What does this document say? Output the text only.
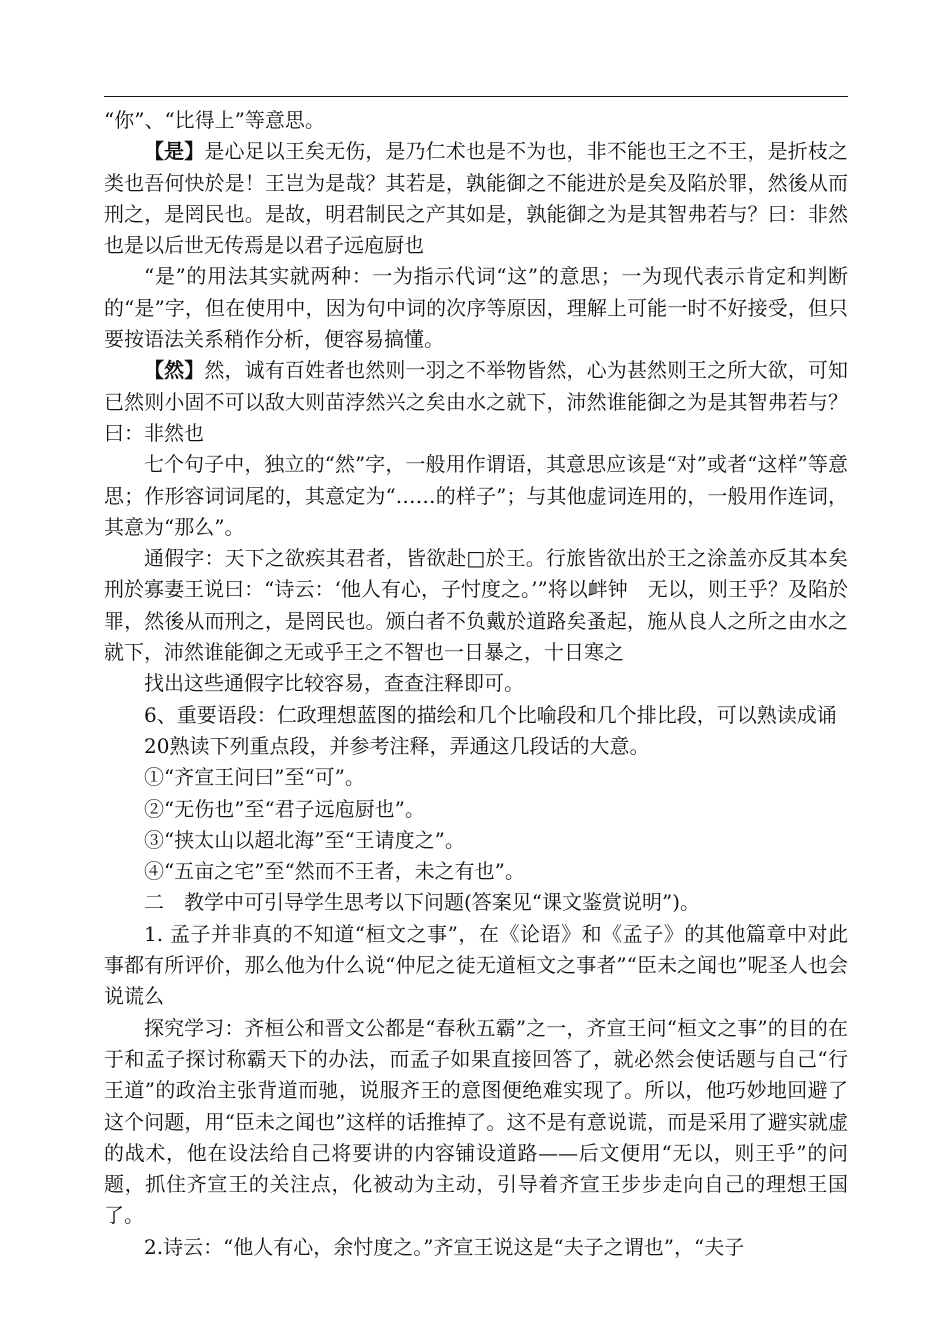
“你”、“比得上”等意思。

【是】是心足以王矣无伤，是乃仁术也是不为也，非不能也王之不王，是折枝之类也吾何快於是！王岂为是哉？其若是，孰能御之不能进於是矣及陷於罪，然後从而刑之，是罔民也。是故，明君制民之产其如是，孰能御之为是其智弗若与？曰：非然也是以后世无传焉是以君子远庖厨也

“是”的用法其实就两种：一为指示代词“这”的意思；一为现代表示肯定和判断的“是”字，但在使用中，因为句中词的次序等原因，理解上可能一时不好接受，但只要按语法关系稍作分析，便容易搞懂。

【然】然，诚有百姓者也然则一羽之不举物皆然，心为甚然则王之所大欲，可知已然则小固不可以敌大则苗浡然兴之矣由水之就下，沛然谁能御之为是其智弗若与？曰：非然也

七个句子中，独立的“然”字，一般用作谓语，其意思应该是“对”或者“这样”等意思；作形容词词尾的，其意定为“……的样子”；与其他虚词连用的，一般用作连词，其意为“那么”。

通假字：天下之欲疾其君者，皆欲赴□於王。行旅皆欲出於王之涂盖亦反其本矣刑於寡妻王说曰：“诗云：‘他人有心，子忖度之。’”将以衅钟　无以，则王乎？及陷於罪，然後从而刑之，是罔民也。颁白者不负戴於道路矣蚤起，施从良人之所之由水之就下，沛然谁能御之无或乎王之不智也一日暴之，十日寒之

找出这些通假字比较容易，查查注释即可。

6、重要语段：仁政理想蓝图的描绘和几个比喻段和几个排比段，可以熟读成诵

20熟读下列重点段，并参考注释，弄通这几段话的大意。

①“齐宣王问曰”至“可”。

②“无伤也”至“君子远庖厨也”。

③“挟太山以超北海”至“王请度之”。

④“五亩之宅”至“然而不王者，未之有也”。

二　教学中可引导学生思考以下问题(答案见“课文鉴赏说明”)。

1. 孟子并非真的不知道“桓文之事”，在《论语》和《孟子》的其他篇章中对此事都有所评价，那么他为什么说“仲尼之徒无道桓文之事者”“臣未之闻也”呢圣人也会说谎么

探究学习：齐桓公和晋文公都是“春秋五霸”之一，齐宣王问“桓文之事”的目的在于和孟子探讨称霸天下的办法，而孟子如果直接回答了，就必然会使话题与自己“行王道”的政治主张背道而驰，说服齐王的意图便绝难实现了。所以，他巧妙地回避了这个问题，用“臣未之闻也”这样的话推掉了。这不是有意说谎，而是采用了避实就虚的战术，他在设法给自己将要讲的内容铺设道路——后文便用“无以，则王乎”的问题，抓住齐宣王的关注点，化被动为主动，引导着齐宣王步步走向自己的理想王国了。

2.诗云：“他人有心，余忖度之。”齐宣王说这是“夫子之谓也”，“夫子
